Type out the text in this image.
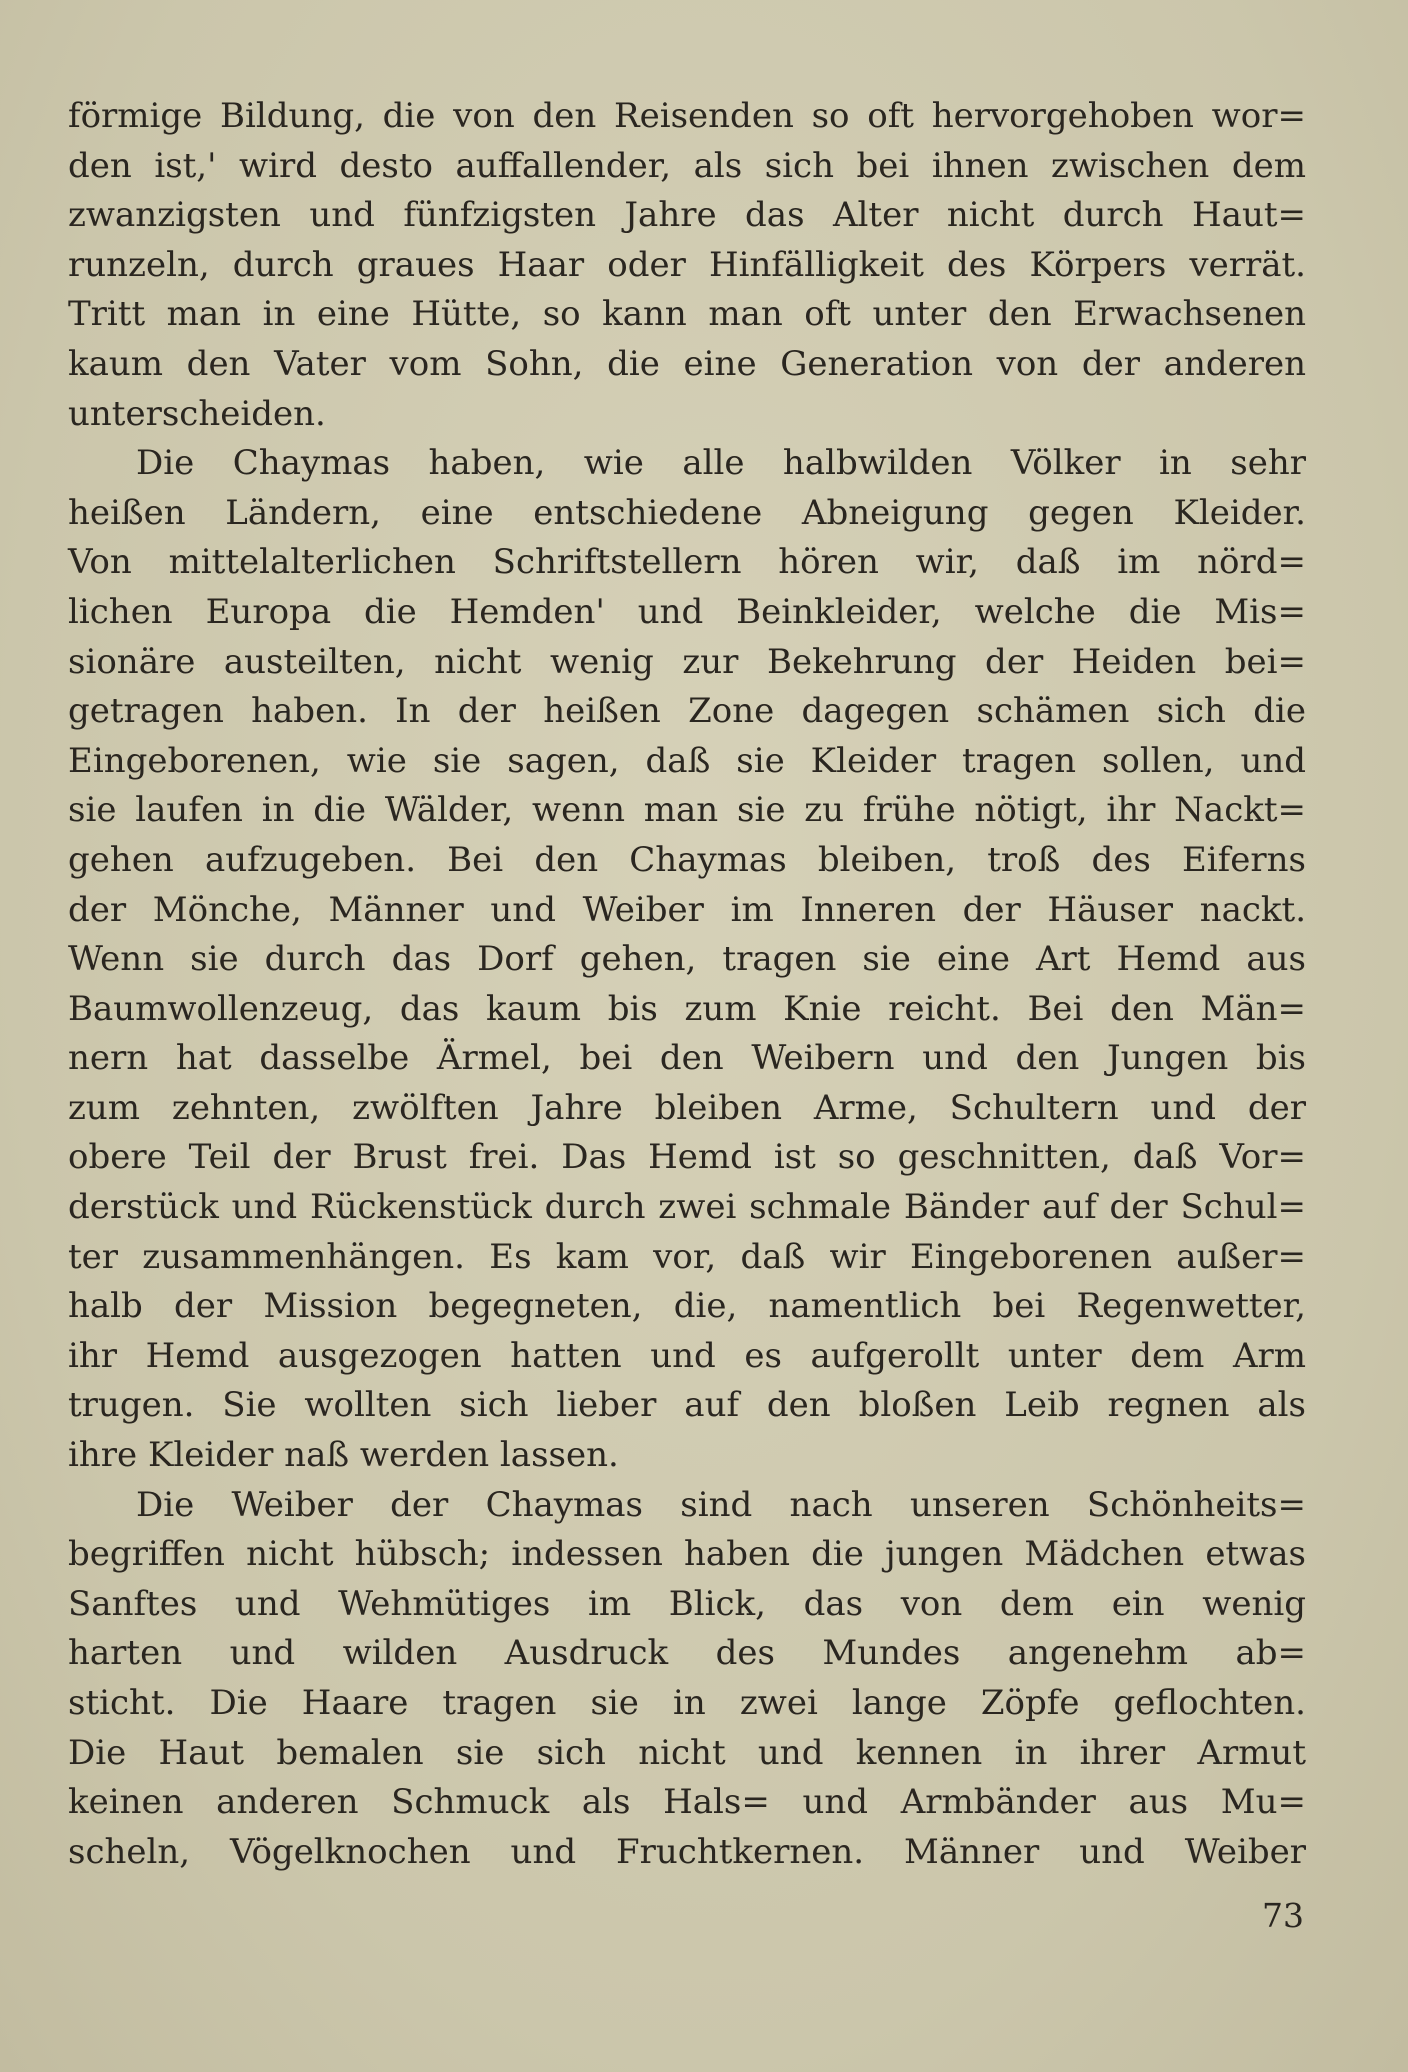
förmige Bildung, die von den Reisenden so oft hervorgehoben wor=
den ist,' wird desto auffallender, als sich bei ihnen zwischen dem
zwanzigsten und fünfzigsten Jahre das Alter nicht durch Haut=
runzeln, durch graues Haar oder Hinfälligkeit des Körpers verrät.
Tritt man in eine Hütte, so kann man oft unter den Erwachsenen
kaum den Vater vom Sohn, die eine Generation von der anderen
unterscheiden.
Die Chaymas haben, wie alle halbwilden Völker in sehr
heißen Ländern, eine entschiedene Abneigung gegen Kleider.
Von mittelalterlichen Schriftstellern hören wir, daß im nörd=
lichen Europa die Hemden' und Beinkleider, welche die Mis=
sionäre austeilten, nicht wenig zur Bekehrung der Heiden bei=
getragen haben. In der heißen Zone dagegen schämen sich die
Eingeborenen, wie sie sagen, daß sie Kleider tragen sollen, und
sie laufen in die Wälder, wenn man sie zu frühe nötigt, ihr Nackt=
gehen aufzugeben. Bei den Chaymas bleiben, troß des Eiferns
der Mönche, Männer und Weiber im Inneren der Häuser nackt.
Wenn sie durch das Dorf gehen, tragen sie eine Art Hemd aus
Baumwollenzeug, das kaum bis zum Knie reicht. Bei den Män=
nern hat dasselbe Ärmel, bei den Weibern und den Jungen bis
zum zehnten, zwölften Jahre bleiben Arme, Schultern und der
obere Teil der Brust frei. Das Hemd ist so geschnitten, daß Vor=
derstück und Rückenstück durch zwei schmale Bänder auf der Schul=
ter zusammenhängen. Es kam vor, daß wir Eingeborenen außer=
halb der Mission begegneten, die, namentlich bei Regenwetter,
ihr Hemd ausgezogen hatten und es aufgerollt unter dem Arm
trugen. Sie wollten sich lieber auf den bloßen Leib regnen als
ihre Kleider naß werden lassen.
Die Weiber der Chaymas sind nach unseren Schönheits=
begriffen nicht hübsch; indessen haben die jungen Mädchen etwas
Sanftes und Wehmütiges im Blick, das von dem ein wenig
harten und wilden Ausdruck des Mundes angenehm ab=
sticht. Die Haare tragen sie in zwei lange Zöpfe geflochten.
Die Haut bemalen sie sich nicht und kennen in ihrer Armut
keinen anderen Schmuck als Hals= und Armbänder aus Mu=
scheln, Vögelknochen und Fruchtkernen. Männer und Weiber
73
